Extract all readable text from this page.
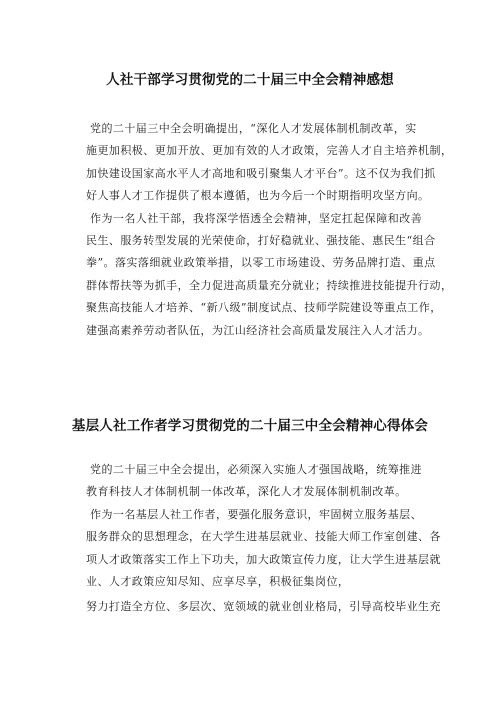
人社干部学习贯彻党的二十届三中全会精神感想
党的二十届三中全会明确提出，“深化人才发展体制机制改革，实
施更加积极、更加开放、更加有效的人才政策，完善人才自主培养机制，
加快建设国家高水平人才高地和吸引聚集人才平台”。这不仅为我们抓
好人事人才工作提供了根本遵循，也为今后一个时期指明攻坚方向。
作为一名人社干部，我将深学悟透全会精神，坚定扛起保障和改善
民生、服务转型发展的光荣使命，打好稳就业、强技能、惠民生“组合
拳”。落实落细就业政策举措，以零工市场建设、劳务品牌打造、重点
群体帮扶等为抓手，全力促进高质量充分就业；持续推进技能提升行动，
聚焦高技能人才培养、“新八级”制度试点、技师学院建设等重点工作，
建强高素养劳动者队伍，为江山经济社会高质量发展注入人才活力。
基层人社工作者学习贯彻党的二十届三中全会精神心得体会
党的二十届三中全会提出，必须深入实施人才强国战略，统筹推进
教育科技人才体制机制一体改革，深化人才发展体制机制改革。
作为一名基层人社工作者，要强化服务意识，牢固树立服务基层、
服务群众的思想理念，在大学生进基层就业、技能大师工作室创建、各
项人才政策落实工作上下功夫，加大政策宣传力度，让大学生进基层就
业、人才政策应知尽知、应享尽享，积极征集岗位，
努力打造全方位、多层次、宽领域的就业创业格局，引导高校毕业生充
